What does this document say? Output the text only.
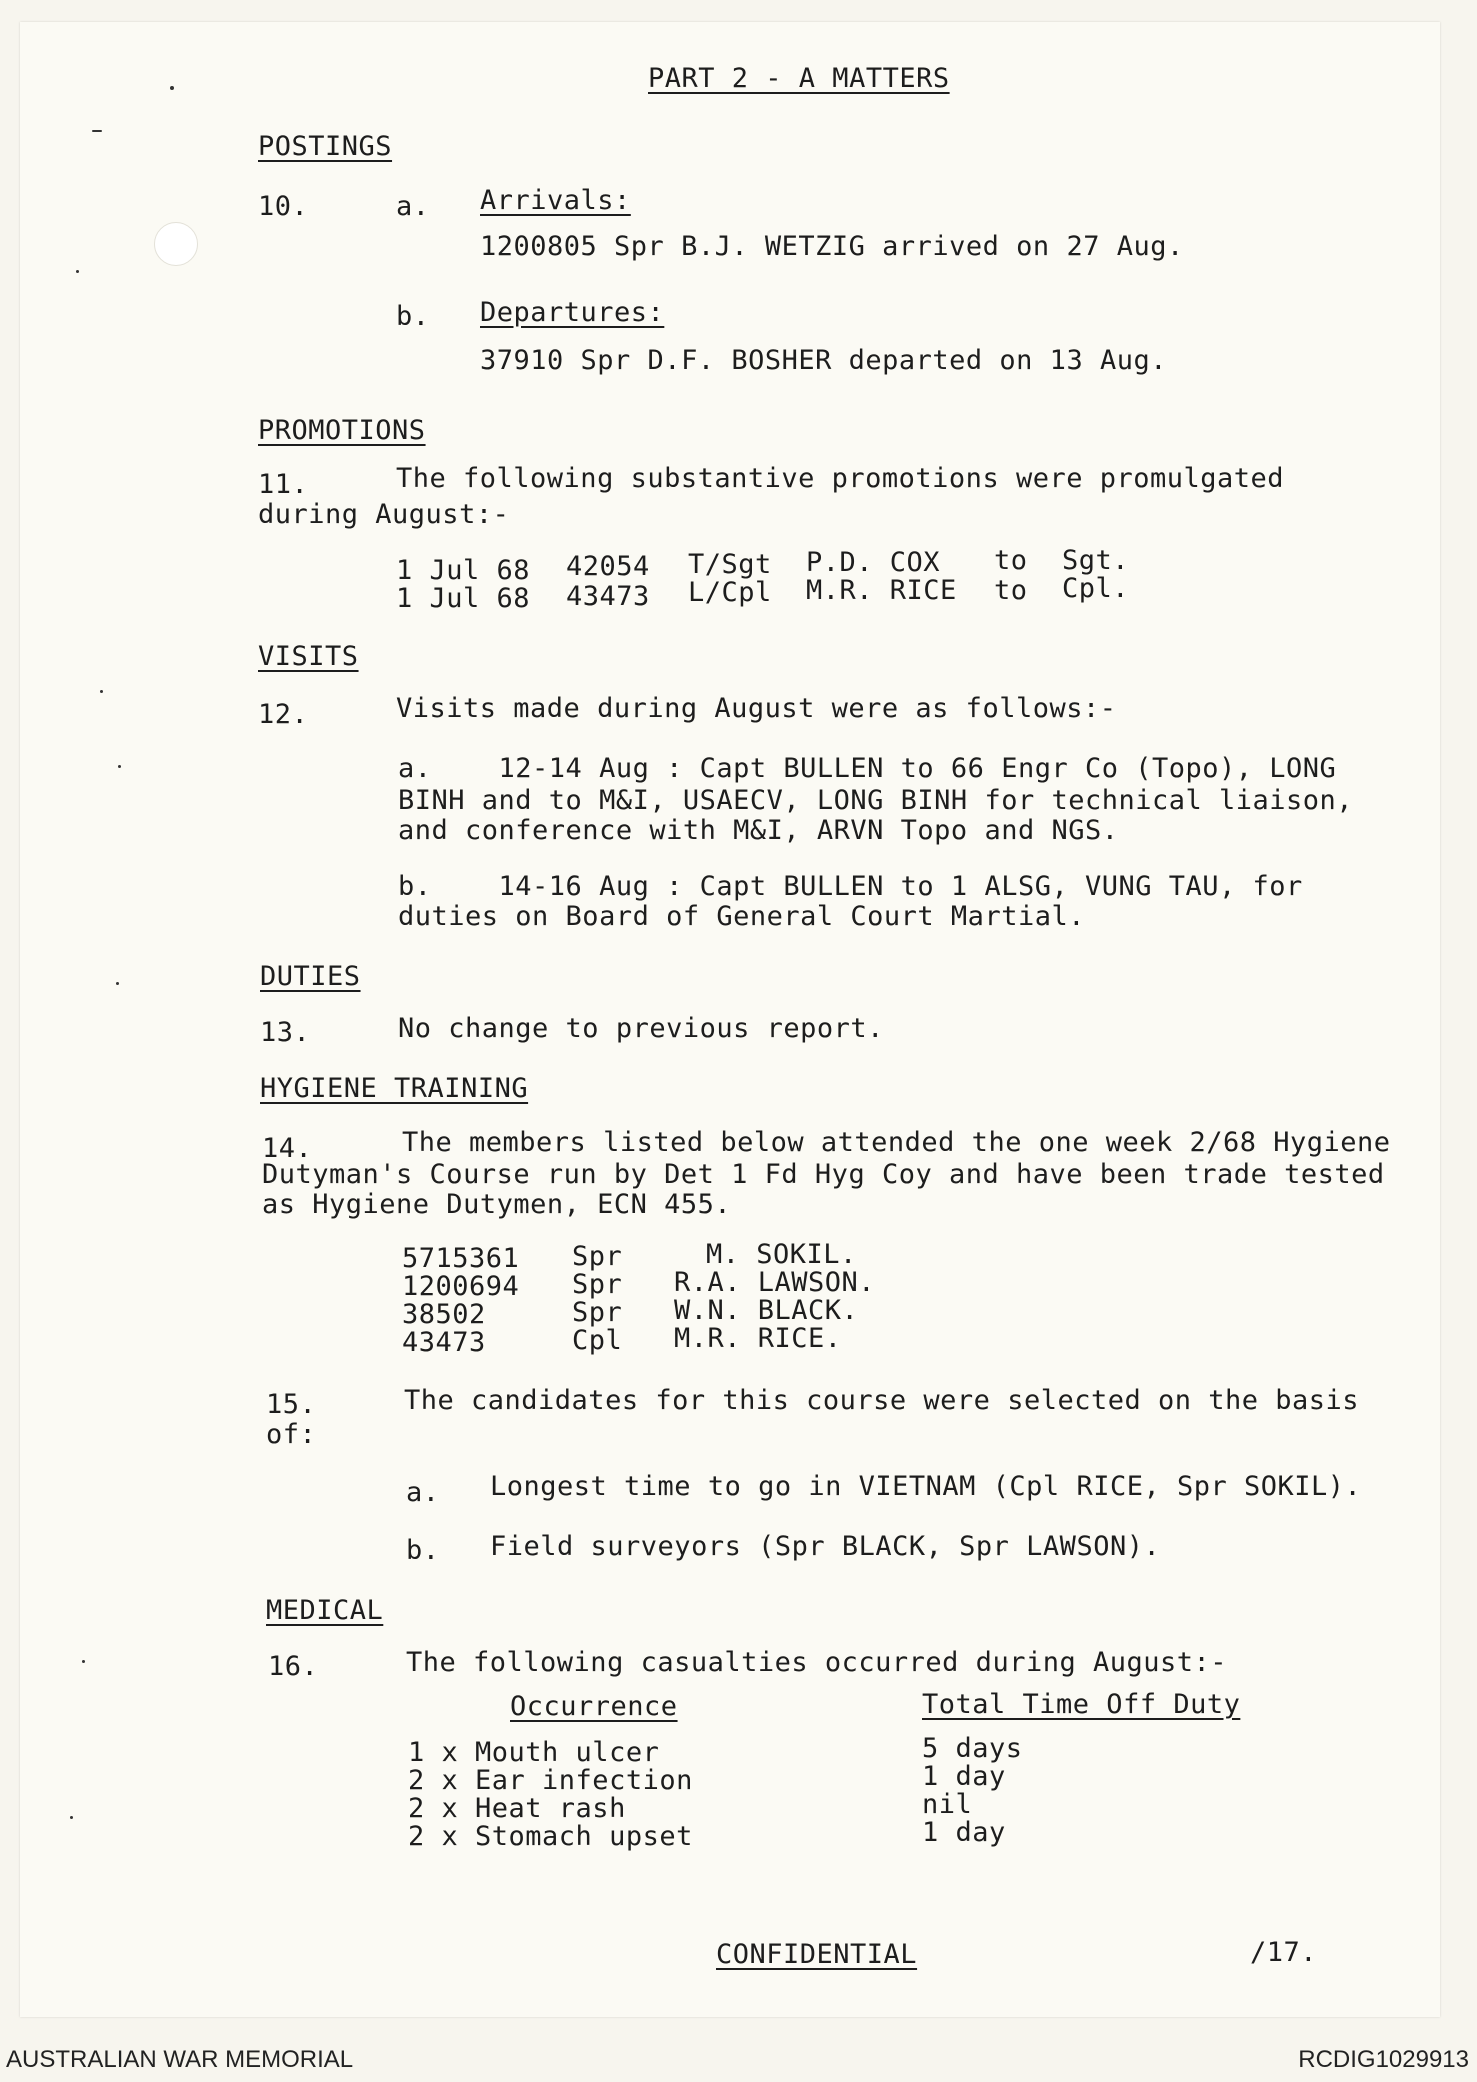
PART 2 - A MATTERS
POSTINGS
10.	a. Arrivals:
1200805 Spr B.J. WETZIG arrived on 27 Aug.
b. Departures:
37910 Spr D.F. BOSHER departed on 13 Aug.
PROMOTIONS
11.	The following substantive promotions were promulgated
during August:-
1 Jul 68 42054 T/Sgt P.D. COX to Sgt.
1 Jul 68 43473 L/Cpl M.R. RICE to Cpl.
VISITS
12.	Visits made during August were as follows:-
a.    12-14 Aug : Capt BULLEN to 66 Engr Co (Topo), LONG
BINH and to M&I, USAECV, LONG BINH for technical liaison,
and conference with M&I, ARVN Topo and NGS.
b.    14-16 Aug : Capt BULLEN to 1 ALSG, VUNG TAU, for
duties on Board of General Court Martial.
DUTIES
13.	No change to previous report.
HYGIENE TRAINING
14.	The members listed below attended the one week 2/68 Hygiene
Dutyman's Course run by Det 1 Fd Hyg Coy and have been trade tested
as Hygiene Dutymen, ECN 455.
5715361 Spr	M. SOKIL.
1200694 Spr R.A. LAWSON.
38502	Spr W.N. BLACK.
43473	Cpl M.R. RICE.
15.	The candidates for this course were selected on the basis
of:
a. Longest time to go in VIETNAM (Cpl RICE, Spr SOKIL).
b. Field surveyors (Spr BLACK, Spr LAWSON).
MEDICAL
16.	The following casualties occurred during August:-
Occurrence	Total Time Off Duty
1 x Mouth ulcer	5 days
2 x Ear infection	1 day
2 x Heat rash	nil
2 x Stomach upset	1 day
CONFIDENTIAL	/17.
AUSTRALIAN WAR MEMORIAL	RCDIG1029913
